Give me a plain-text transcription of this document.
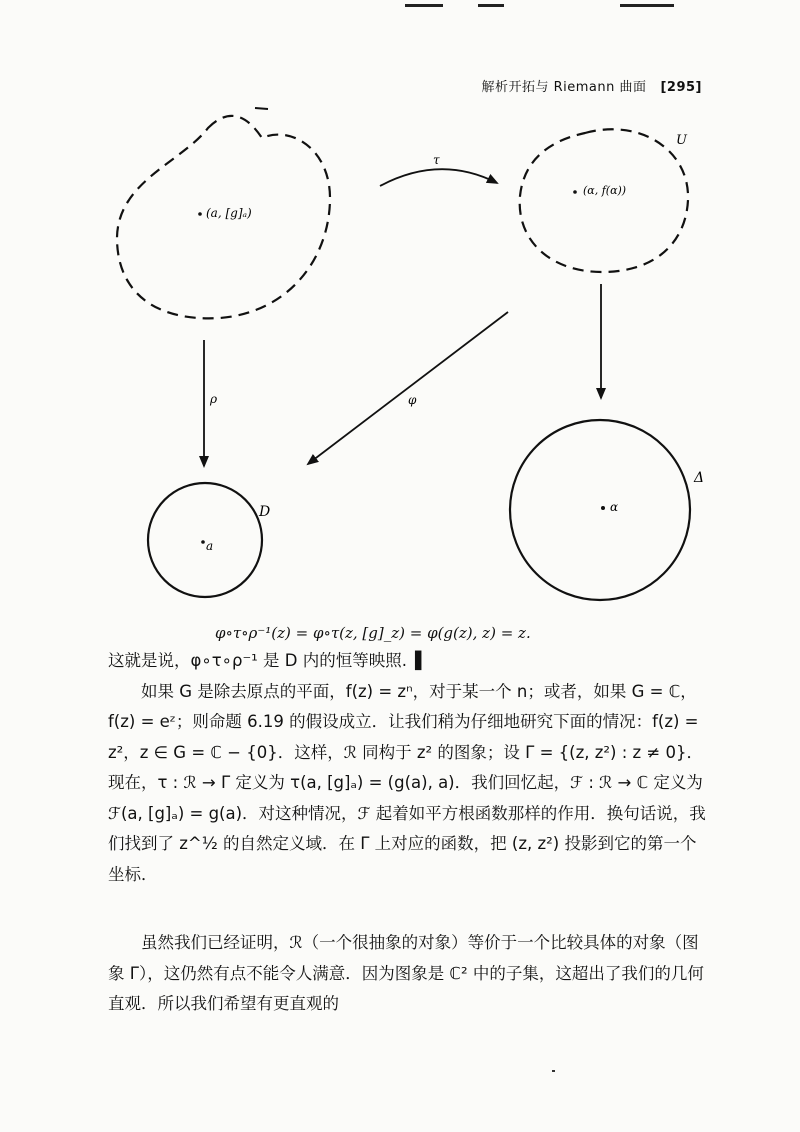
解析开拓与 Riemann 曲面 [295]
(a, [g]ₐ)
(α, f(α))
U
a
D	α
Δ
τ
ρ	φ
φ∘τ∘ρ⁻¹(z) = φ∘τ(z, [g]_z) = φ(g(z), z) = z.

这就是说，φ∘τ∘ρ⁻¹ 是 D 内的恒等映照. ▌

如果 G 是除去原点的平面，f(z) = zⁿ，对于某一个 n；或者，如果 G = ℂ，f(z) = eᶻ；则命题 6.19 的假设成立．让我们稍为仔细地研究下面的情况：f(z) = z²，z ∈ G = ℂ − {0}．这样，ℛ 同构于 z² 的图象；设 Γ = {(z, z²) : z ≠ 0}．现在，τ : ℛ → Γ 定义为 τ(a, [g]ₐ) = (g(a), a)．我们回忆起，ℱ : ℛ → ℂ 定义为 ℱ(a, [g]ₐ) = g(a)．对这种情况，ℱ 起着如平方根函数那样的作用．换句话说，我们找到了 z^½ 的自然定义域．在 Γ 上对应的函数，把 (z, z²) 投影到它的第一个坐标．

虽然我们已经证明，ℛ（一个很抽象的对象）等价于一个比较具体的对象（图象 Γ），这仍然有点不能令人满意．因为图象是 ℂ² 中的子集，这超出了我们的几何直观．所以我们希望有更直观的
